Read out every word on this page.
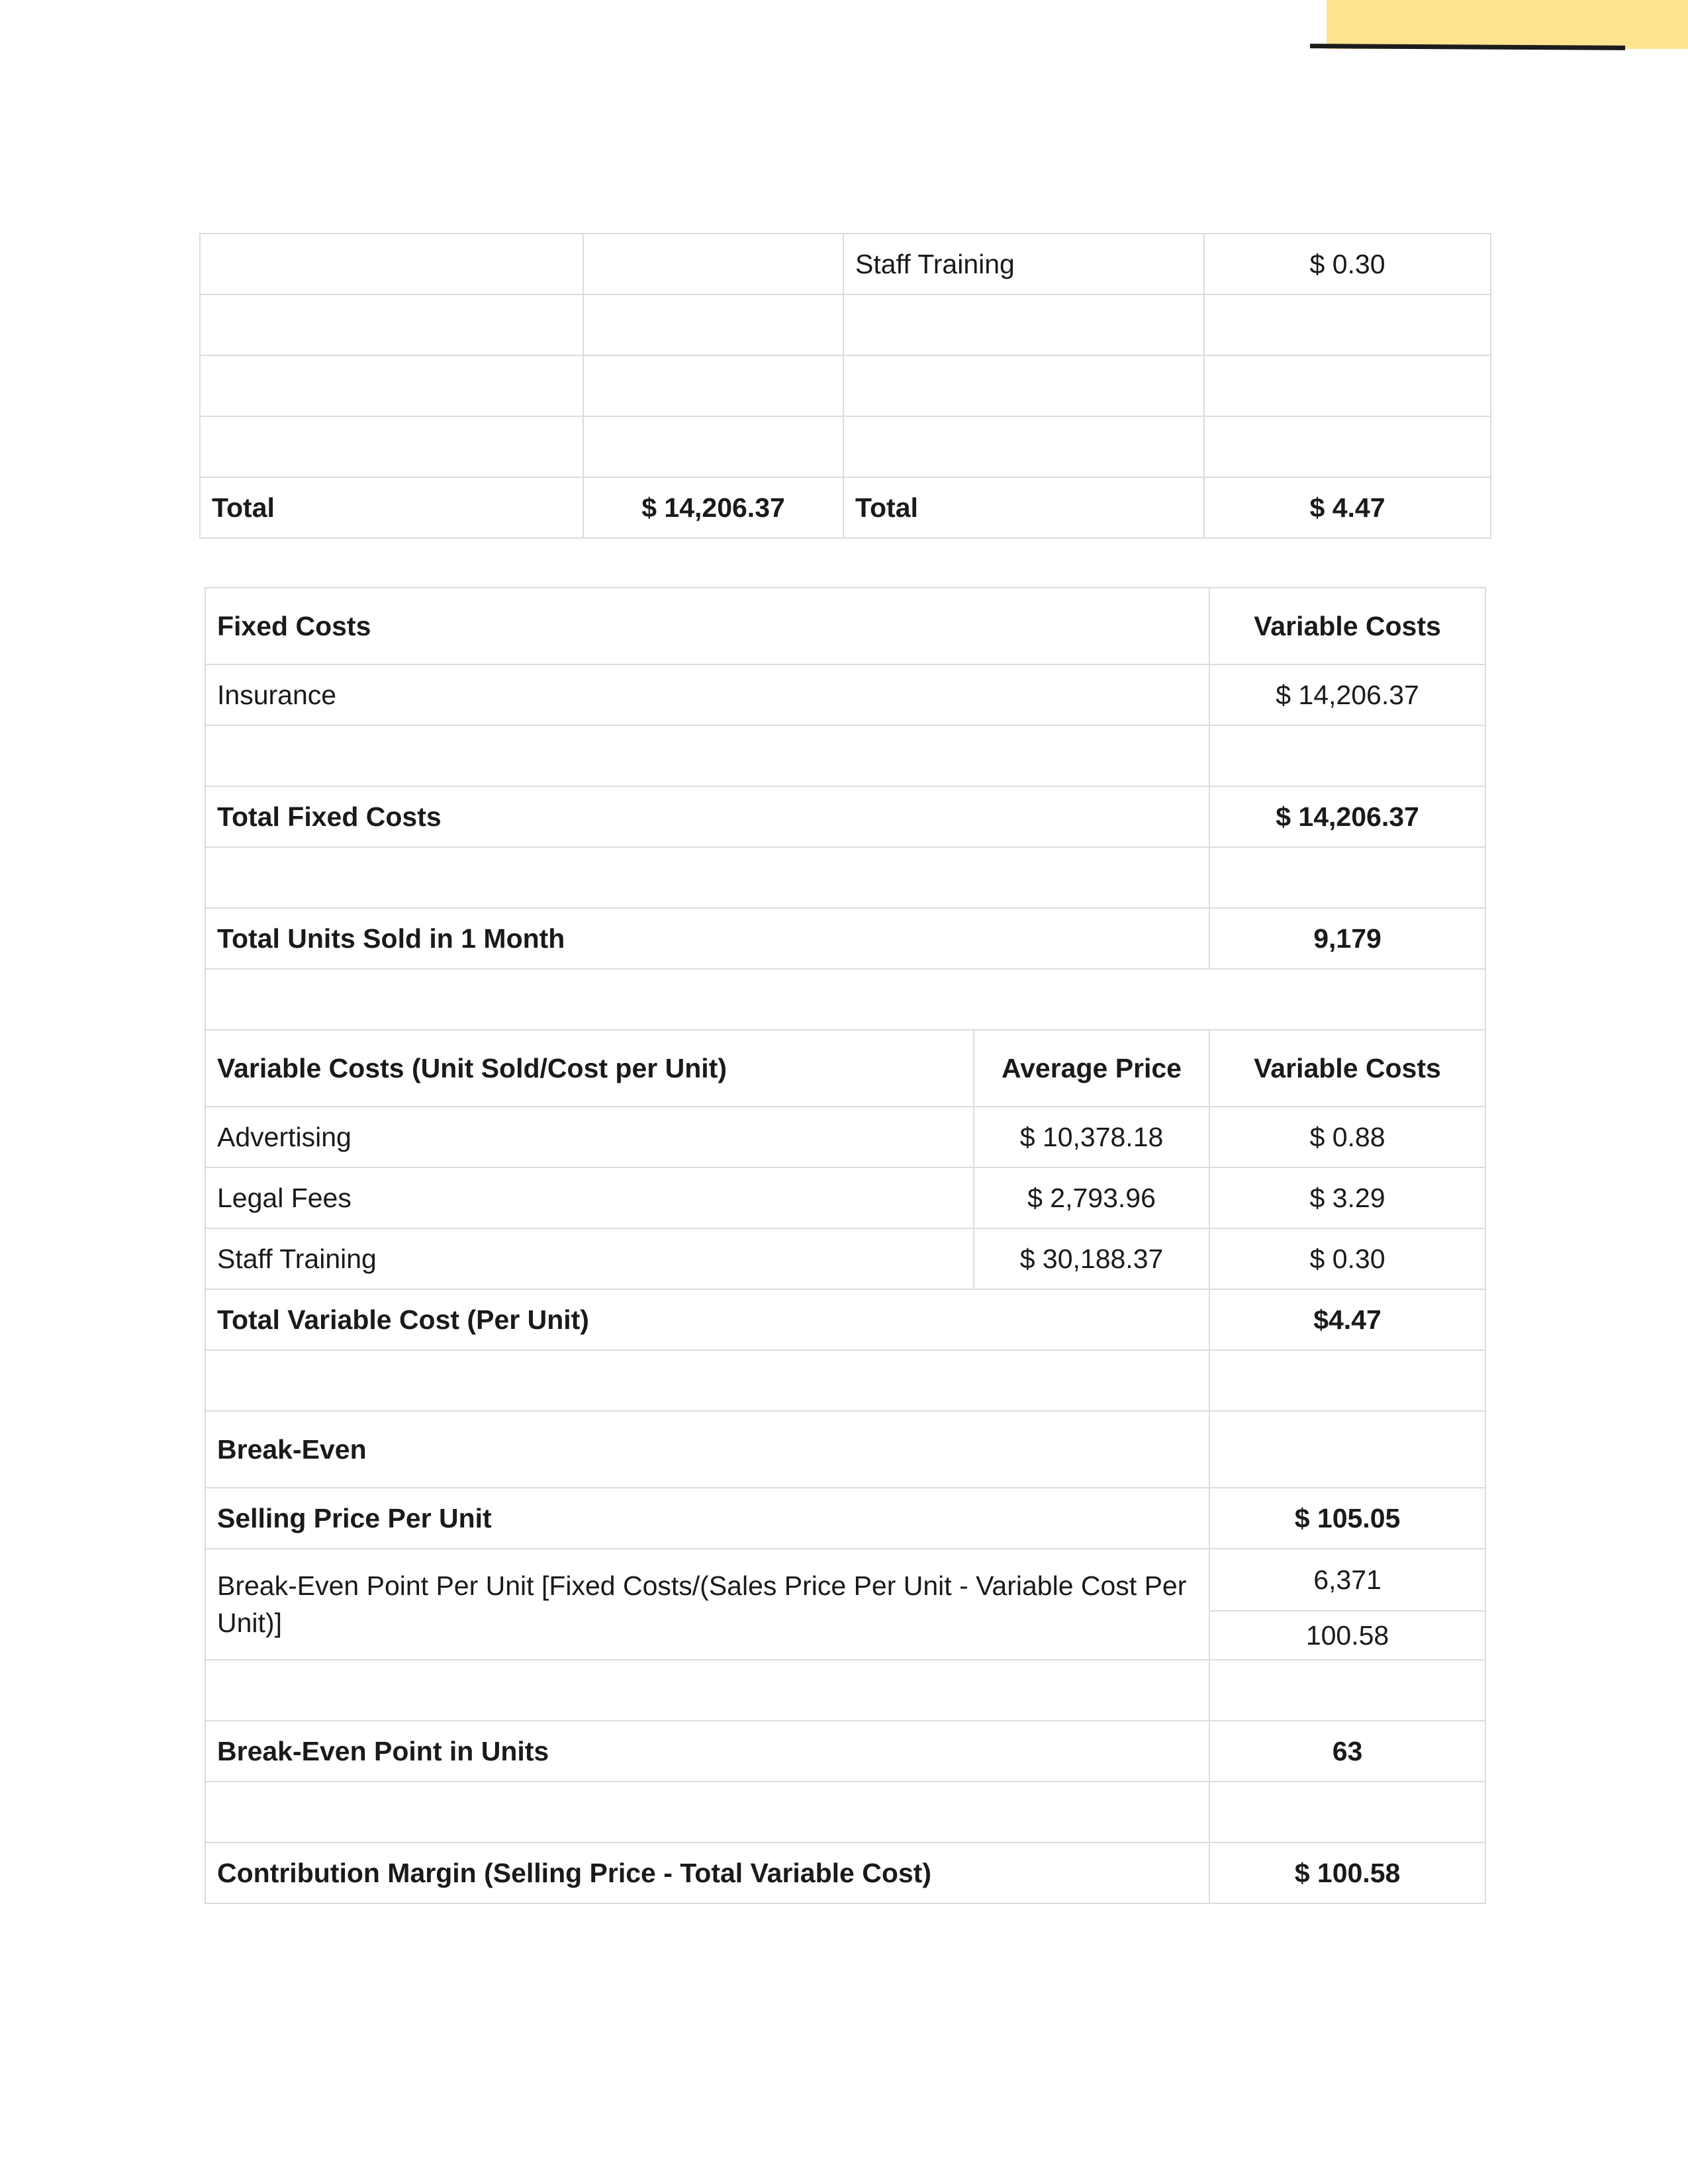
		Staff Training	$ 0.30

Total	$ 14,206.37	Total	$ 4.47
Fixed Costs		Variable Costs
Insurance		$ 14,206.37

Total Fixed Costs		$ 14,206.37

Total Units Sold in 1 Month		9,179

Variable Costs (Unit Sold/Cost per Unit)	Average Price	Variable Costs
Advertising	$ 10,378.18	$ 0.88
Legal Fees	$ 2,793.96	$ 3.29
Staff Training	$ 30,188.37	$ 0.30
Total Variable Cost (Per Unit)		$4.47

Break-Even		
Selling Price Per Unit		$ 105.05
Break-Even Point Per Unit [Fixed Costs/(Sales Price Per Unit - Variable Cost Per Unit)]		6,371
100.58

Break-Even Point in Units		63

Contribution Margin (Selling Price - Total Variable Cost)		$ 100.58
